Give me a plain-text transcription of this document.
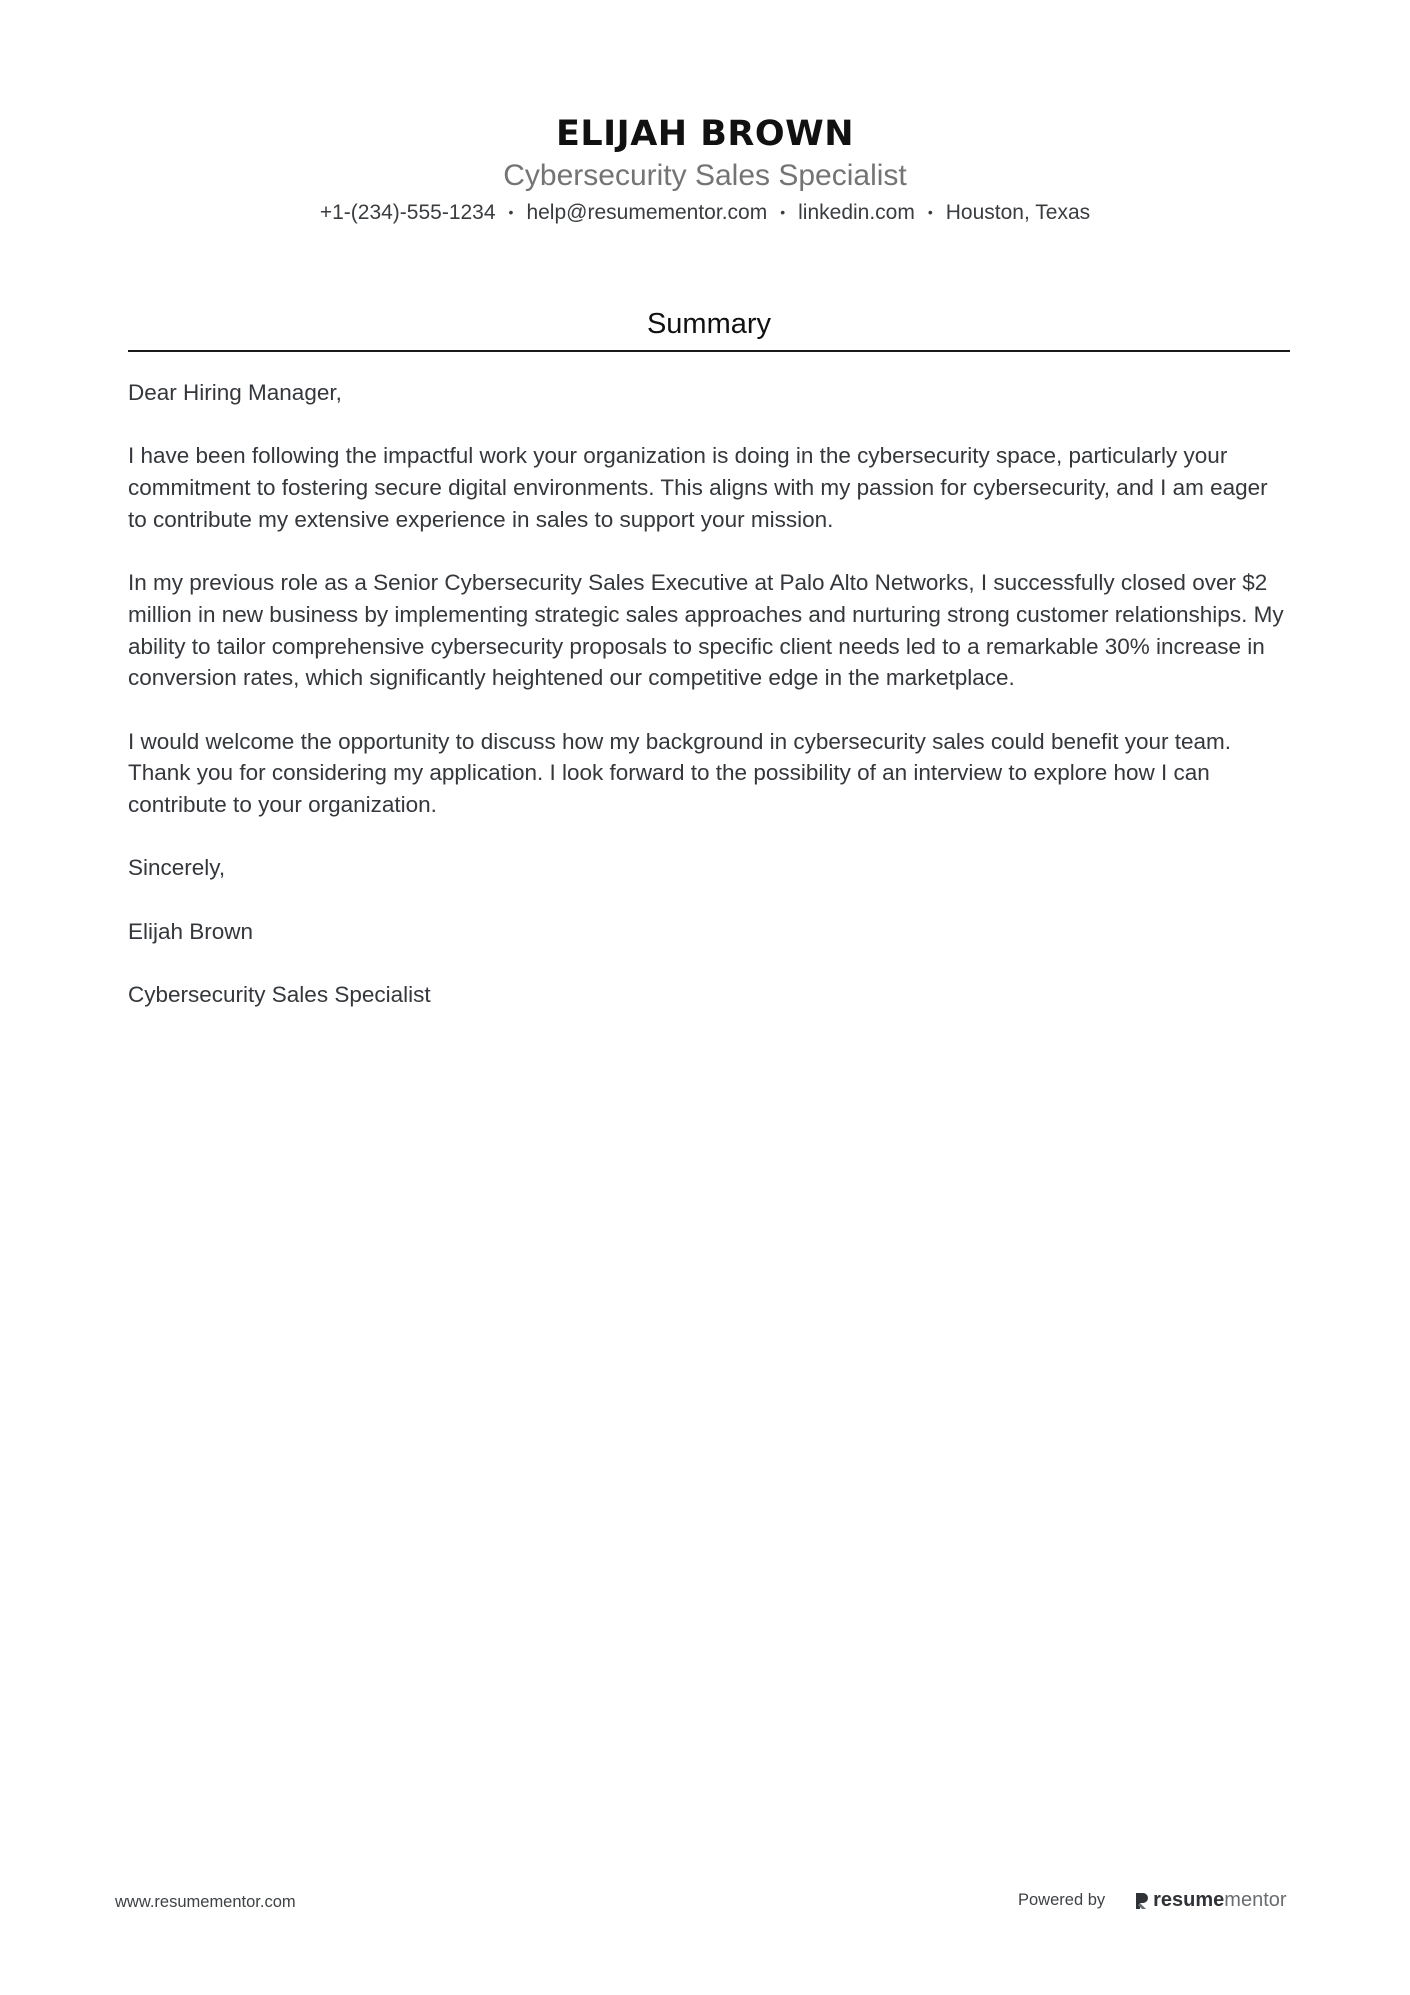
ELIJAH BROWN
Cybersecurity Sales Specialist
+1-(234)-555-1234 • help@resumementor.com • linkedin.com • Houston, Texas
Summary

Dear Hiring Manager,

I have been following the impactful work your organization is doing in the cybersecurity space, particularly your commitment to fostering secure digital environments. This aligns with my passion for cybersecurity, and I am eager to contribute my extensive experience in sales to support your mission.

In my previous role as a Senior Cybersecurity Sales Executive at Palo Alto Networks, I successfully closed over $2 million in new business by implementing strategic sales approaches and nurturing strong customer relationships. My ability to tailor comprehensive cybersecurity proposals to specific client needs led to a remarkable 30% increase in conversion rates, which significantly heightened our competitive edge in the marketplace.

I would welcome the opportunity to discuss how my background in cybersecurity sales could benefit your team. Thank you for considering my application. I look forward to the possibility of an interview to explore how I can contribute to your organization.

Sincerely,

Elijah Brown

Cybersecurity Sales Specialist

www.resumementor.com	Powered by resume mentor
